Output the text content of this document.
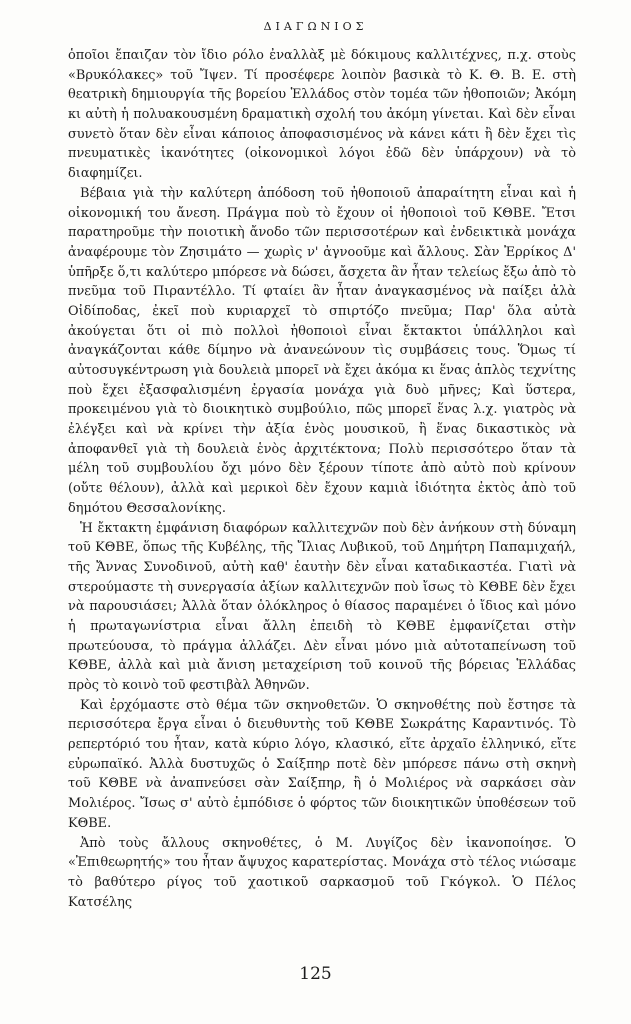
ΔΙΑΓΩΝΙΟΣ

ὁποῖοι ἔπαιζαν τὸν ἴδιο ρόλο ἐναλλὰξ μὲ δόκιμους καλλιτέχνες, π.χ. στοὺς «Βρυκόλακες» τοῦ Ἴψεν. Τί προσέφερε λοιπὸν βασικὰ τὸ Κ. Θ. Β. Ε. στὴ θεατρικὴ δημιουργία τῆς βορείου Ἑλλάδος στὸν τομέα τῶν ἠθοποιῶν; Ἀκόμη κι αὐτὴ ἡ πολυακουσμένη δραματικὴ σχολή του ἀκόμη γίνεται. Καὶ δὲν εἶναι συνετὸ ὅταν δὲν εἶναι κάποιος ἀποφασισμένος νὰ κάνει κάτι ἢ δὲν ἔχει τὶς πνευματικὲς ἱκανότητες (οἰκονομικοὶ λόγοι ἐδῶ δὲν ὑπάρχουν) νὰ τὸ διαφημίζει.

Βέβαια γιὰ τὴν καλύτερη ἀπόδοση τοῦ ἠθοποιοῦ ἀπαραίτητη εἶναι καὶ ἡ οἰκονομική του ἄνεση. Πράγμα ποὺ τὸ ἔχουν οἱ ἠθοποιοὶ τοῦ ΚΘΒΕ. Ἔτσι παρατηροῦμε τὴν ποιοτικὴ ἄνοδο τῶν περισσοτέρων καὶ ἐνδεικτικὰ μονάχα ἀναφέρουμε τὸν Ζησιμάτο — χωρὶς ν' ἀγνοοῦμε καὶ ἄλλους. Σὰν Ἐρρίκος Δ' ὑπῆρξε ὅ,τι καλύτερο μπόρεσε νὰ δώσει, ἄσχετα ἂν ἦταν τελείως ἔξω ἀπὸ τὸ πνεῦμα τοῦ Πιραντέλλο. Τί φταίει ἂν ἦταν ἀναγκασμένος νὰ παίξει ἀλὰ Οἰδίποδας, ἐκεῖ ποὺ κυριαρχεῖ τὸ σπιρτόζο πνεῦμα; Παρ' ὅλα αὐτὰ ἀκούγεται ὅτι οἱ πιὸ πολλοὶ ἠθοποιοὶ εἶναι ἔκτακτοι ὑπάλληλοι καὶ ἀναγκάζονται κάθε δίμηνο νὰ ἀνανεώνουν τὶς συμβάσεις τους. Ὅμως τί αὐτοσυγκέντρωση γιὰ δουλειὰ μπορεῖ νὰ ἔχει ἀκόμα κι ἕνας ἁπλὸς τεχνίτης ποὺ ἔχει ἐξασφαλισμένη ἐργασία μονάχα γιὰ δυὸ μῆνες; Καὶ ὕστερα, προκειμένου γιὰ τὸ διοικητικὸ συμβούλιο, πῶς μπορεῖ ἕνας λ.χ. γιατρὸς νὰ ἐλέγξει καὶ νὰ κρίνει τὴν ἀξία ἑνὸς μουσικοῦ, ἢ ἕνας δικαστικὸς νὰ ἀποφανθεῖ γιὰ τὴ δουλειὰ ἑνὸς ἀρχιτέκτονα; Πολὺ περισσότερο ὅταν τὰ μέλη τοῦ συμβουλίου ὄχι μόνο δὲν ξέρουν τίποτε ἀπὸ αὐτὸ ποὺ κρίνουν (οὔτε θέλουν), ἀλλὰ καὶ μερικοὶ δὲν ἔχουν καμιὰ ἰδιότητα ἐκτὸς ἀπὸ τοῦ δημότου Θεσσαλονίκης.

Ἡ ἔκτακτη ἐμφάνιση διαφόρων καλλιτεχνῶν ποὺ δὲν ἀνήκουν στὴ δύναμη τοῦ ΚΘΒΕ, ὅπως τῆς Κυβέλης, τῆς Ἴλιας Λυβικοῦ, τοῦ Δημήτρη Παπαμιχαήλ, τῆς Ἄννας Συνοδινοῦ, αὐτὴ καθ' ἑαυτὴν δὲν εἶναι καταδικαστέα. Γιατὶ νὰ στερούμαστε τὴ συνεργασία ἀξίων καλλιτεχνῶν ποὺ ἴσως τὸ ΚΘΒΕ δὲν ἔχει νὰ παρουσιάσει; Ἀλλὰ ὅταν ὁλόκληρος ὁ θίασος παραμένει ὁ ἴδιος καὶ μόνο ἡ πρωταγωνίστρια εἶναι ἄλλη ἐπειδὴ τὸ ΚΘΒΕ ἐμφανίζεται στὴν πρωτεύουσα, τὸ πράγμα ἀλλάζει. Δὲν εἶναι μόνο μιὰ αὐτοταπείνωση τοῦ ΚΘΒΕ, ἀλλὰ καὶ μιὰ ἄνιση μεταχείριση τοῦ κοινοῦ τῆς βόρειας Ἑλλάδας πρὸς τὸ κοινὸ τοῦ φεστιβὰλ Ἀθηνῶν.

Καὶ ἐρχόμαστε στὸ θέμα τῶν σκηνοθετῶν. Ὁ σκηνοθέτης ποὺ ἔστησε τὰ περισσότερα ἔργα εἶναι ὁ διευθυντὴς τοῦ ΚΘΒΕ Σωκράτης Καραντινός. Τὸ ρεπερτόριό του ἦταν, κατὰ κύριο λόγο, κλασικό, εἴτε ἀρχαῖο ἑλληνικό, εἴτε εὐρωπαϊκό. Ἀλλὰ δυστυχῶς ὁ Σαίξπηρ ποτὲ δὲν μπόρεσε πάνω στὴ σκηνὴ τοῦ ΚΘΒΕ νὰ ἀναπνεύσει σὰν Σαίξπηρ, ἢ ὁ Μολιέρος νὰ σαρκάσει σὰν Μολιέρος. Ἴσως σ' αὐτὸ ἐμπόδισε ὁ φόρτος τῶν διοικητικῶν ὑποθέσεων τοῦ ΚΘΒΕ.

Ἀπὸ τοὺς ἄλλους σκηνοθέτες, ὁ Μ. Λυγίζος δὲν ἱκανοποίησε. Ὁ «Ἐπιθεωρητής» του ἦταν ἄψυχος καρατερίστας. Μονάχα στὸ τέλος νιώσαμε τὸ βαθύτερο ρίγος τοῦ χαοτικοῦ σαρκασμοῦ τοῦ Γκόγκολ. Ὁ Πέλος Κατσέλης

125
